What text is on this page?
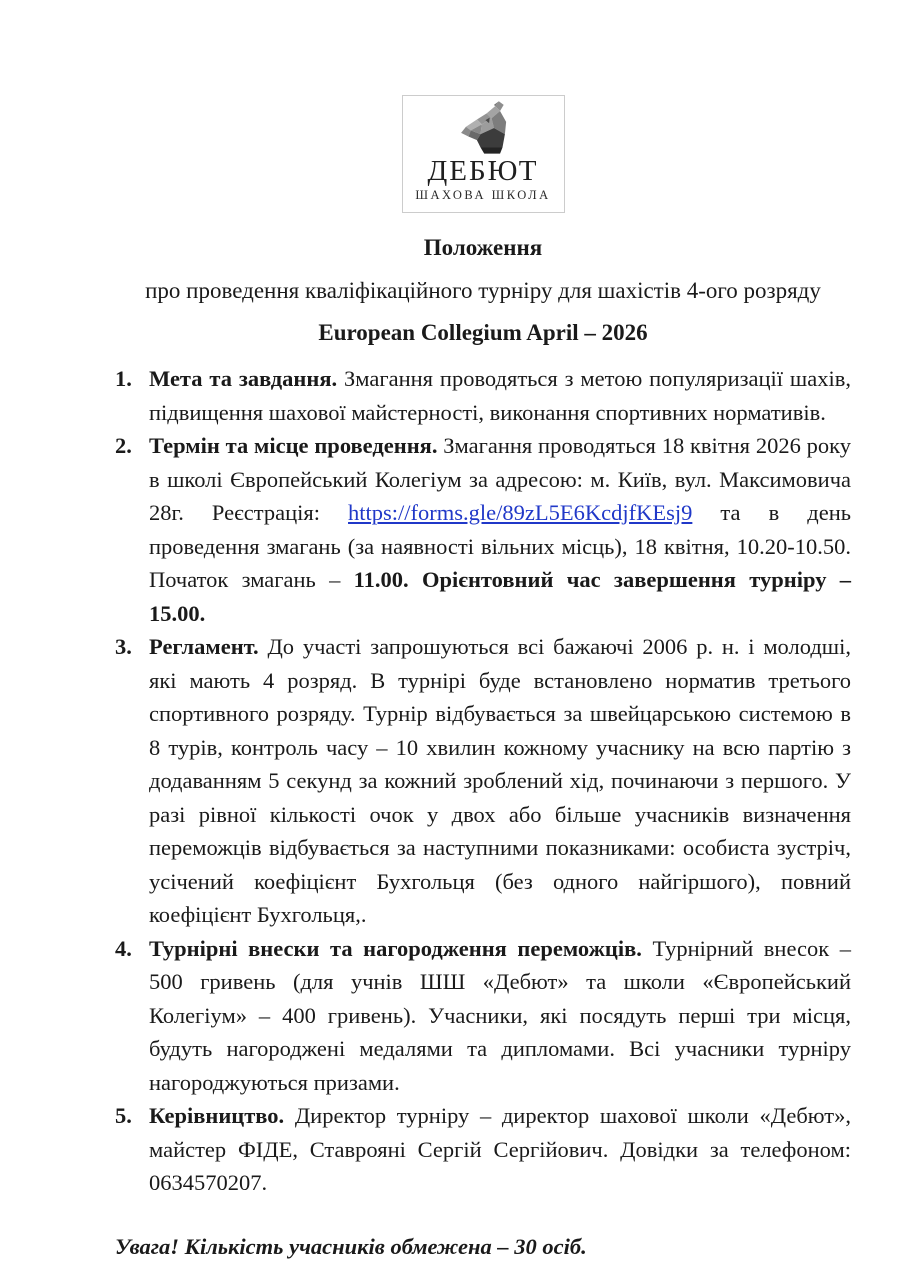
ДЕБЮТ
ШАХОВА ШКОЛА
Положення
про проведення кваліфікаційного турніру для шахістів 4-ого розряду
European Collegium April – 2026
1. Мета та завдання. Змагання проводяться з метою популяризації шахів, підвищення шахової майстерності, виконання спортивних нормативів.
2. Термін та місце проведення. Змагання проводяться 18 квітня 2026 року в школі Європейський Колегіум за адресою: м. Київ, вул. Максимовича 28г. Реєстрація: https://forms.gle/89zL5E6KcdjfKEsj9 та в день проведення змагань (за наявності вільних місць), 18 квітня, 10.20-10.50. Початок змагань – 11.00. Орієнтовний час завершення турніру – 15.00.
3. Регламент. До участі запрошуються всі бажаючі 2006 р. н. і молодші, які мають 4 розряд. В турнірі буде встановлено норматив третього спортивного розряду. Турнір відбувається за швейцарською системою в 8 турів, контроль часу – 10 хвилин кожному учаснику на всю партію з додаванням 5 секунд за кожний зроблений хід, починаючи з першого. У разі рівної кількості очок у двох або більше учасників визначення переможців відбувається за наступними показниками: особиста зустріч, усічений коефіцієнт Бухгольця (без одного найгіршого), повний коефіцієнт Бухгольця,.
4. Турнірні внески та нагородження переможців. Турнірний внесок – 500 гривень (для учнів ШШ «Дебют» та школи «Європейський Колегіум» – 400 гривень). Учасники, які посядуть перші три місця, будуть нагороджені медалями та дипломами. Всі учасники турніру нагороджуються призами.
5. Керівництво. Директор турніру – директор шахової школи «Дебют», майстер ФІДЕ, Ставрояні Сергій Сергійович. Довідки за телефоном: 0634570207.
Увага! Кількість учасників обмежена – 30 осіб.
